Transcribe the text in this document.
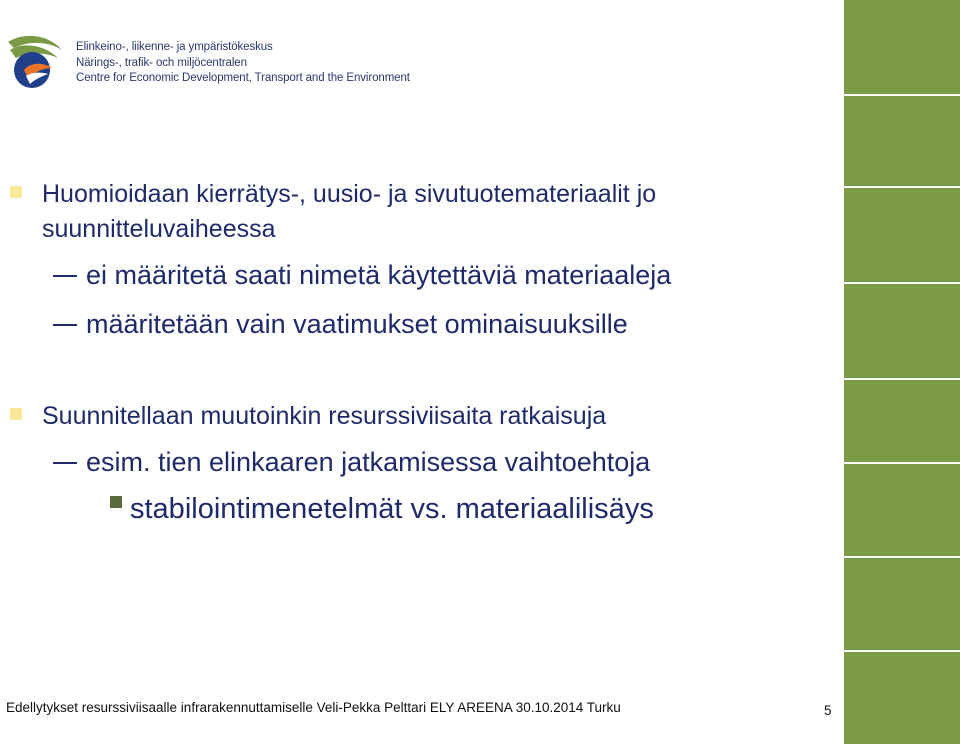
Elinkeino-, liikenne- ja ympäristökeskus
Närings-, trafik- och miljöcentralen
Centre for Economic Development, Transport and the Environment
Huomioidaan kierrätys-, uusio- ja sivutuotemateriaalit jo
suunnitteluvaiheessa
ei määritetä saati nimetä käytettäviä materiaaleja
määritetään vain vaatimukset ominaisuuksille
Suunnitellaan muutoinkin resurssiviisaita ratkaisuja
esim. tien elinkaaren jatkamisessa vaihtoehtoja
stabilointimenetelmät vs. materiaalilisäys
Edellytykset resurssiviisaalle infrarakennuttamiselle Veli-Pekka Pelttari ELY AREENA 30.10.2014 Turku	5
